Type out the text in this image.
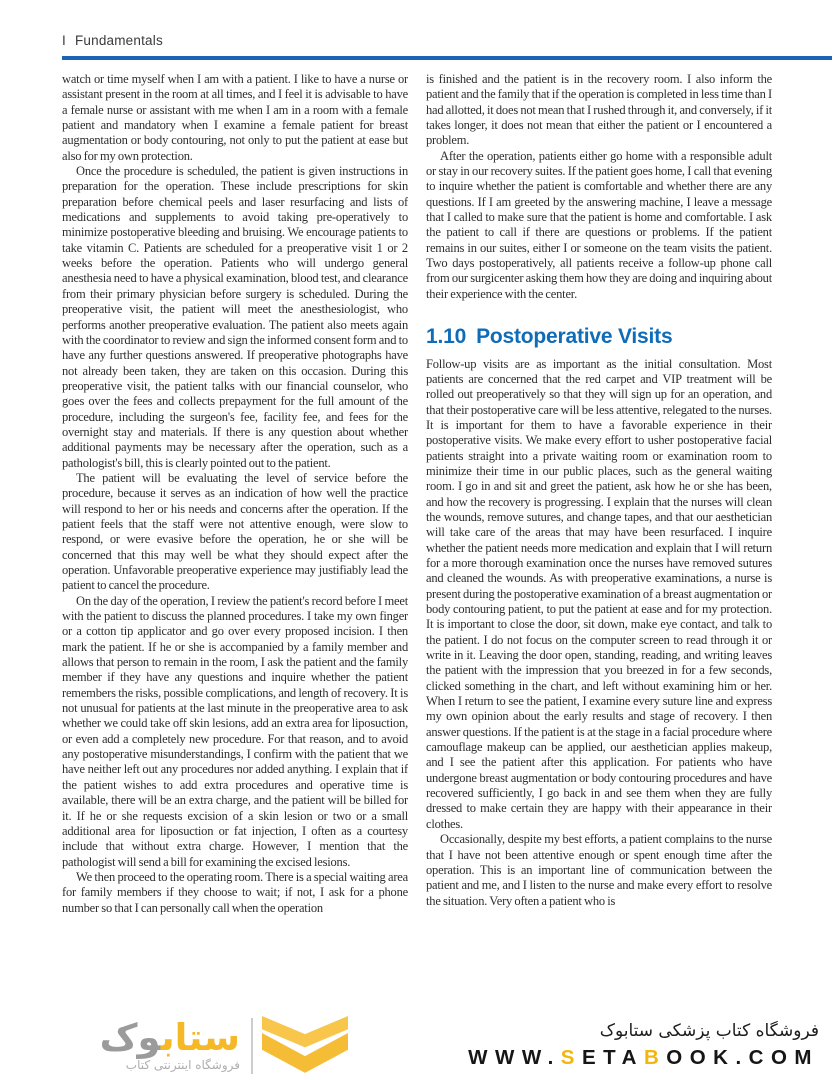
I Fundamentals

watch or time myself when I am with a patient. I like to have a nurse or assistant present in the room at all times, and I feel it is advisable to have a female nurse or assistant with me when I am in a room with a female patient and mandatory when I examine a female patient for breast augmentation or body contouring, not only to put the patient at ease but also for my own protection.

Once the procedure is scheduled, the patient is given instructions in preparation for the operation. These include prescriptions for skin preparation before chemical peels and laser resurfacing and lists of medications and supplements to avoid taking pre-operatively to minimize postoperative bleeding and bruising. We encourage patients to take vitamin C. Patients are scheduled for a preoperative visit 1 or 2 weeks before the operation. Patients who will undergo general anesthesia need to have a physical examination, blood test, and clearance from their primary physician before surgery is scheduled. During the preoperative visit, the patient will meet the anesthesiologist, who performs another preoperative evaluation. The patient also meets again with the coordinator to review and sign the informed consent form and to have any further questions answered. If preoperative photographs have not already been taken, they are taken on this occasion. During this preoperative visit, the patient talks with our financial counselor, who goes over the fees and collects prepayment for the full amount of the procedure, including the surgeon's fee, facility fee, and fees for the overnight stay and materials. If there is any question about whether additional payments may be necessary after the operation, such as a pathologist's bill, this is clearly pointed out to the patient.

The patient will be evaluating the level of service before the procedure, because it serves as an indication of how well the practice will respond to her or his needs and concerns after the operation. If the patient feels that the staff were not attentive enough, were slow to respond, or were evasive before the operation, he or she will be concerned that this may well be what they should expect after the operation. Unfavorable preoperative experience may justifiably lead the patient to cancel the procedure.

On the day of the operation, I review the patient's record before I meet with the patient to discuss the planned procedures. I take my own finger or a cotton tip applicator and go over every proposed incision. I then mark the patient. If he or she is accompanied by a family member and allows that person to remain in the room, I ask the patient and the family member if they have any questions and inquire whether the patient remembers the risks, possible complications, and length of recovery. It is not unusual for patients at the last minute in the preoperative area to ask whether we could take off skin lesions, add an extra area for liposuction, or even add a completely new procedure. For that reason, and to avoid any postoperative misunderstandings, I confirm with the patient that we have neither left out any procedures nor added anything. I explain that if the patient wishes to add extra procedures and operative time is available, there will be an extra charge, and the patient will be billed for it. If he or she requests excision of a skin lesion or two or a small additional area for liposuction or fat injection, I often as a courtesy include that without extra charge. However, I mention that the pathologist will send a bill for examining the excised lesions.

We then proceed to the operating room. There is a special waiting area for family members if they choose to wait; if not, I ask for a phone number so that I can personally call when the operation

is finished and the patient is in the recovery room. I also inform the patient and the family that if the operation is completed in less time than I had allotted, it does not mean that I rushed through it, and conversely, if it takes longer, it does not mean that either the patient or I encountered a problem.

After the operation, patients either go home with a responsible adult or stay in our recovery suites. If the patient goes home, I call that evening to inquire whether the patient is comfortable and whether there are any questions. If I am greeted by the answering machine, I leave a message that I called to make sure that the patient is home and comfortable. I ask the patient to call if there are questions or problems. If the patient remains in our suites, either I or someone on the team visits the patient. Two days postoperatively, all patients receive a follow-up phone call from our surgicenter asking them how they are doing and inquiring about their experience with the center.

1.10 Postoperative Visits

Follow-up visits are as important as the initial consultation. Most patients are concerned that the red carpet and VIP treatment will be rolled out preoperatively so that they will sign up for an operation, and that their postoperative care will be less attentive, relegated to the nurses. It is important for them to have a favorable experience in their postoperative visits. We make every effort to usher postoperative facial patients straight into a private waiting room or examination room to minimize their time in our public places, such as the general waiting room. I go in and sit and greet the patient, ask how he or she has been, and how the recovery is progressing. I explain that the nurses will clean the wounds, remove sutures, and change tapes, and that our aesthetician will take care of the areas that may have been resurfaced. I inquire whether the patient needs more medication and explain that I will return for a more thorough examination once the nurses have removed sutures and cleaned the wounds. As with preoperative examinations, a nurse is present during the postoperative examination of a breast augmentation or body contouring patient, to put the patient at ease and for my protection. It is important to close the door, sit down, make eye contact, and talk to the patient. I do not focus on the computer screen to read through it or write in it. Leaving the door open, standing, reading, and writing leaves the patient with the impression that you breezed in for a few seconds, clicked something in the chart, and left without examining him or her. When I return to see the patient, I examine every suture line and express my own opinion about the early results and stage of recovery. I then answer questions. If the patient is at the stage in a facial procedure where camouflage makeup can be applied, our aesthetician applies makeup, and I see the patient after this application. For patients who have undergone breast augmentation or body contouring procedures and have recovered sufficiently, I go back in and see them when they are fully dressed to make certain they are happy with their appearance in their clothes.

Occasionally, despite my best efforts, a patient complains to the nurse that I have not been attentive enough or spent enough time after the operation. This is an important line of communication between the patient and me, and I listen to the nurse and make every effort to resolve the situation. Very often a patient who is

ستابوک
فروشگاه اینترنتی کتاب
فروشگاه کتاب پزشکی ستابوک
WWW.SETABOOK.COM
